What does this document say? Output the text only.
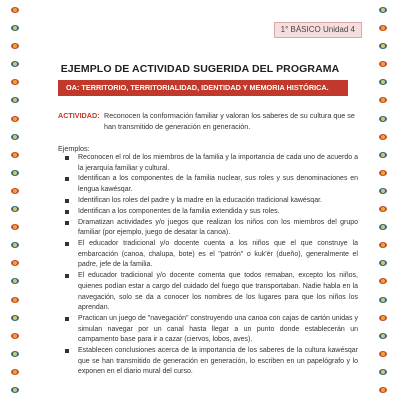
1° BÁSICO Unidad 4
EJEMPLO DE ACTIVIDAD SUGERIDA DEL PROGRAMA
OA: TERRITORIO, TERRITORIALIDAD, IDENTIDAD Y MEMORIA HISTÓRICA.
ACTIVIDAD: Reconocen la conformación familiar y valoran los saberes de su cultura que se han transmitido de generación en generación.
Ejemplos:
Reconocen el rol de los miembros de la familia y la importancia de cada uno de acuerdo a la jerarquía familiar y cultural.
Identifican a los componentes de la familia nuclear, sus roles y sus denominaciones en lengua kawésqar.
Identifican los roles del padre y la madre en la educación tradicional kawésqar.
Identifican a los componentes de la familia extendida y sus roles.
Dramatizan actividades y/o juegos que realizan los niños con los miembros del grupo familiar (por ejemplo, juego de desatar la canoa).
El educador tradicional y/o docente cuenta a los niños que el que construye la embarcación (canoa, chalupa, bote) es el "patrón" o kuk'ér (dueño), generalmente el padre, jefe de la familia.
El educador tradicional y/o docente comenta que todos remaban, excepto los niños, quienes podían estar a cargo del cuidado del fuego que transportaban. Nadie habla en la navegación, solo se da a conocer los nombres de los lugares para que los niños los aprendan.
Practican un juego de "navegación" construyendo una canoa con cajas de cartón unidas y simulan navegar por un canal hasta llegar a un punto donde establecerán un campamento base para ir a cazar (ciervos, lobos, aves).
Establecen conclusiones acerca de la importancia de los saberes de la cultura kawésqar que se han transmitido de generación en generación, lo escriben en un papelógrafo y lo exponen en el diario mural del curso.
